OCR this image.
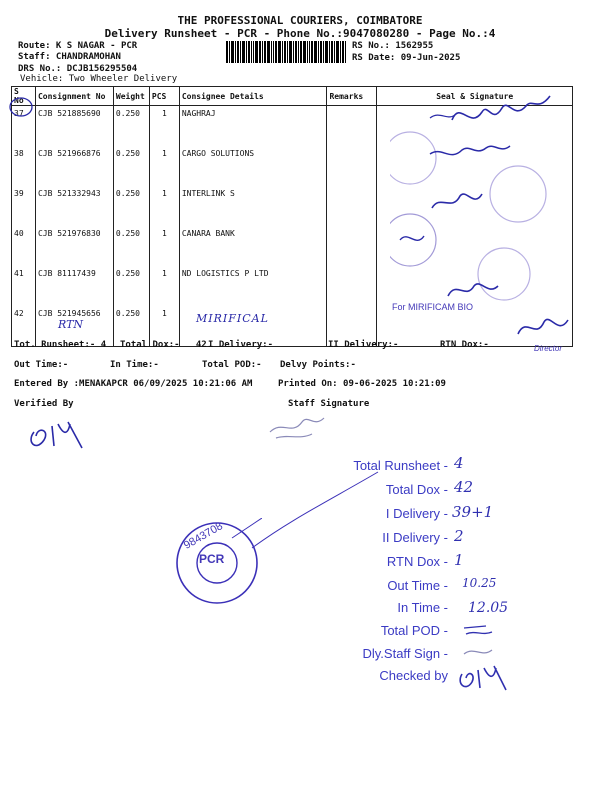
THE PROFESSIONAL COURIERS, COIMBATORE
Delivery Runsheet - PCR - Phone No.:9047080280 - Page No.:4
Route: K S NAGAR - PCR
Staff: CHANDRAMOHAN
DRS No.: DCJB156295504
Vehicle: Two Wheeler Delivery
RS No.: 1562955
RS Date: 09-Jun-2025
S No	Consignment No	Weight	PCS	Consignee Details	Remarks	Seal & Signature
37	CJB 521885690	0.250	1	NAGHRAJ		
38	CJB 521966876	0.250	1	CARGO SOLUTIONS		
39	CJB 521332943	0.250	1	INTERLINK S		
40	CJB 521976830	0.250	1	CANARA BANK		
41	CJB 81117439	0.250	1	ND LOGISTICS P LTD		
42	CJB 521945656	0.250	1			
For MIRIFICAM BIO
Director
RTN	MIRIFICAL
Tot. Runsheet:- 4 Total Dox:-   42 I Delivery:-	II Delivery:-	RTN Dox:-
Out Time:-	In Time:-	Total POD:- Delvy Points:-
Entered By :MENAKAPCR 06/09/2025 10:21:06 AM	Printed On: 09-06-2025 10:21:09
Verified By	Staff Signature
PCR
9843708
Total Runsheet - 4
Total Dox - 42
I Delivery - 39+1
II Delivery - 2
RTN Dox - 1
Out Time - 10.25
In Time - 12.05
Total POD -
Dly.Staff Sign -
Checked by
